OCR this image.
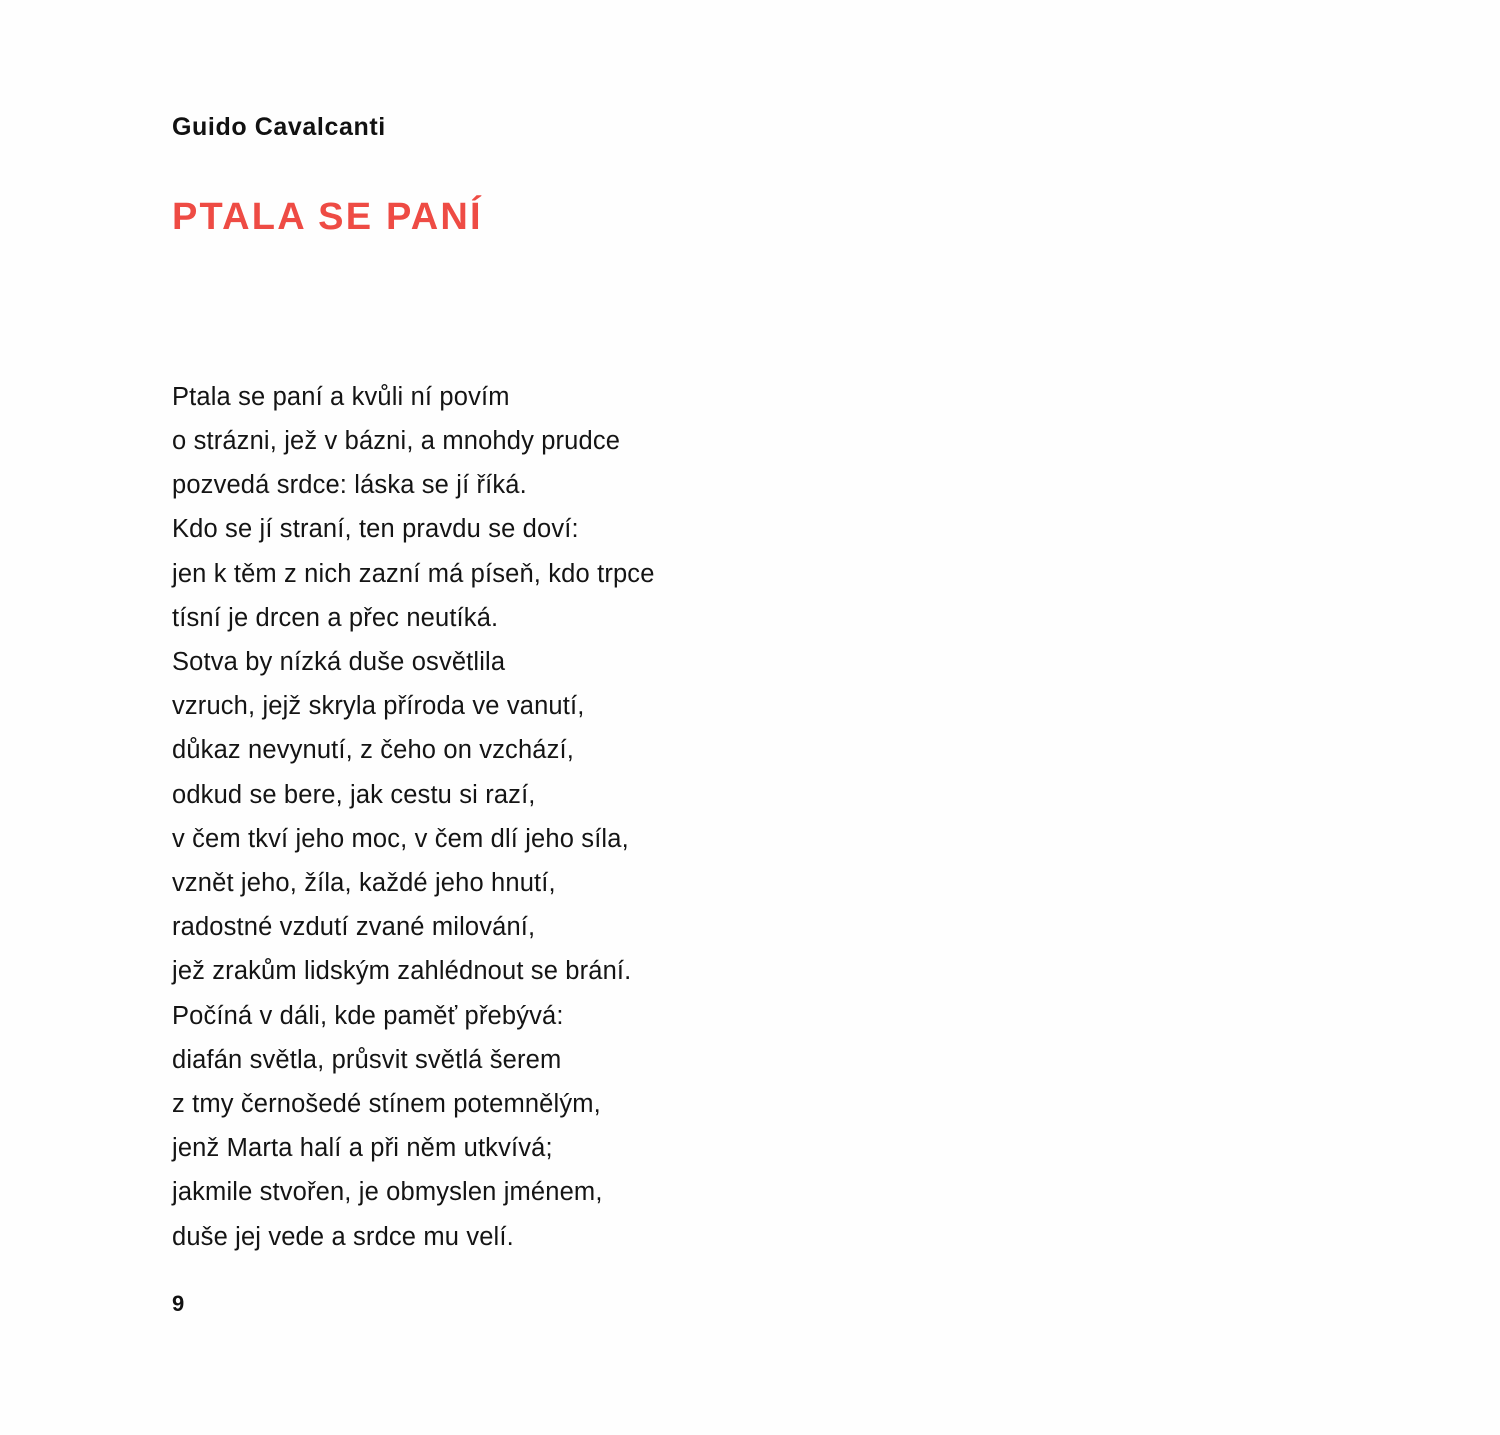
Guido Cavalcanti
PTALA SE PANÍ
Ptala se paní a kvůli ní povím
o strázni, jež v bázni, a mnohdy prudce
pozvedá srdce: láska se jí říká.
Kdo se jí straní, ten pravdu se doví:
jen k těm z nich zazní má píseň, kdo trpce
tísní je drcen a přec neutíká.
Sotva by nízká duše osvětlila
vzruch, jejž skryla příroda ve vanutí,
důkaz nevynutí, z čeho on vzchází,
odkud se bere, jak cestu si razí,
v čem tkví jeho moc, v čem dlí jeho síla,
vznět jeho, žíla, každé jeho hnutí,
radostné vzdutí zvané milování,
jež zrakům lidským zahlédnout se brání.
Počíná v dáli, kde paměť přebývá:
diafán světla, průsvit světlá šerem
z tmy černošedé stínem potemnělým,
jenž Marta halí a při něm utkvívá;
jakmile stvořen, je obmyslen jménem,
duše jej vede a srdce mu velí.
9
